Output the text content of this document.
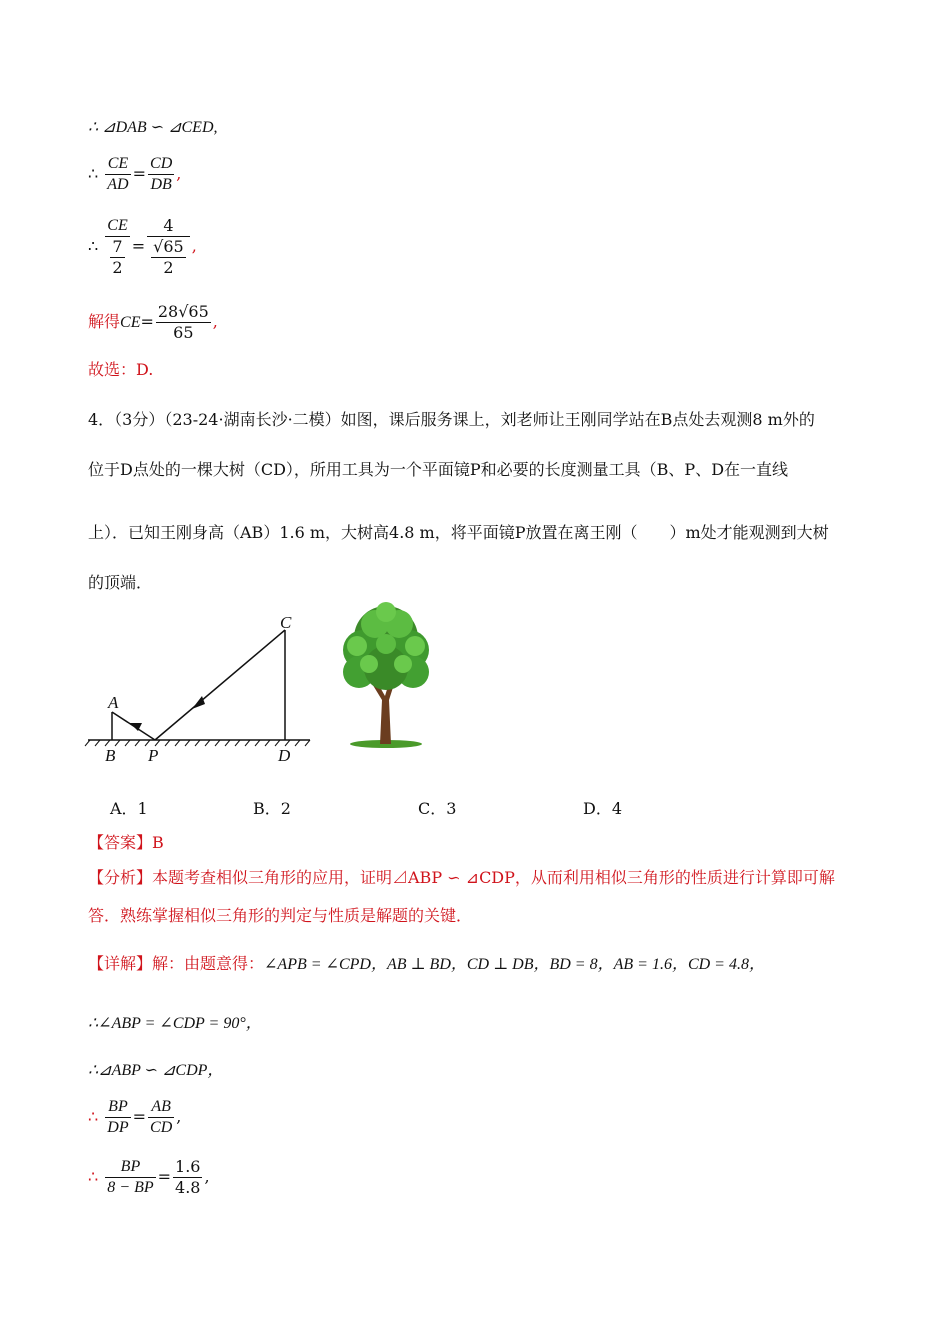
∴ ⊿DAB ∽ ⊿CED,
∴ $\frac{CE}{AD} = \frac{CD}{DB}$ ,
∴ $\frac{CE}{\frac{7}{2}} = \frac{4}{\frac{√65}{2}}$ ,
解得$CE= \frac{28√65}{65}$ ,
故选：D.
4．（3分）（23-24·湖南长沙·二模）如图，课后服务课上，刘老师让王刚同学站在B点处去观测8 m外的
位于D点处的一棵大树（CD），所用工具为一个平面镜P和必要的长度测量工具（B、P、D在一直线
上）．已知王刚身高（AB）1.6 m，大树高4.8 m，将平面镜P放置在离王刚（　　）m处才能观测到大树
的顶端．
A
B P
C
D
A．1	B．2	C．3	D．4
【答案】B
【分析】本题考查相似三角形的应用，证明⊿ABP ∽ ⊿CDP，从而利用相似三角形的性质进行计算即可解
答．熟练掌握相似三角形的判定与性质是解题的关键．
【详解】解：由题意得：∠APB = ∠CPD，AB ⊥ BD，CD ⊥ DB，BD = 8，AB = 1.6，CD = 4.8，
∴∠ABP = ∠CDP = 90°，
∴⊿ABP ∽ ⊿CDP，
∴ $\frac{BP}{DP} = \frac{AB}{CD}$ ,
∴ $\frac{BP}{8 - BP} = \frac{1.6}{4.8}$ ,
